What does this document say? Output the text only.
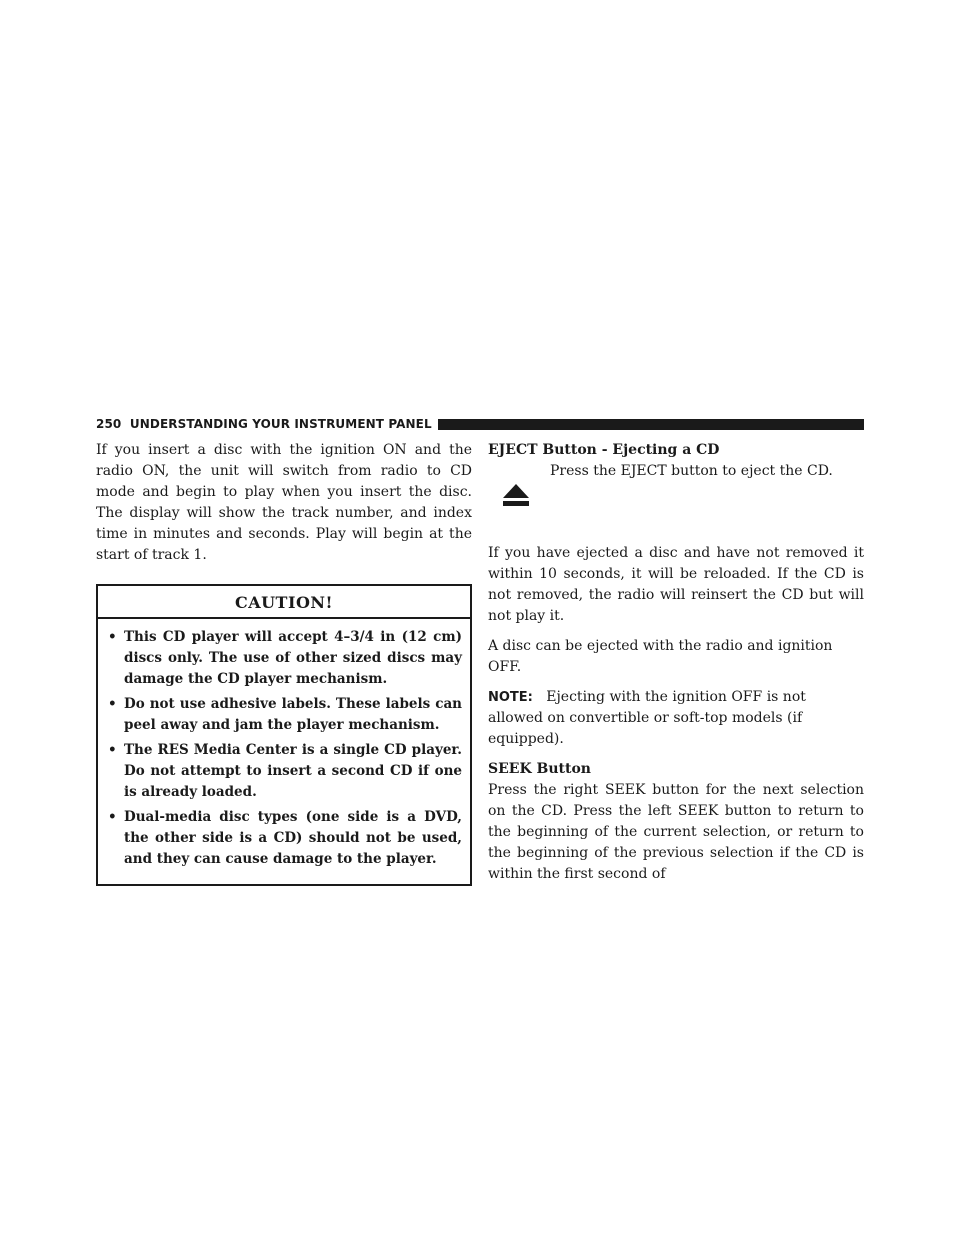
250 UNDERSTANDING YOUR INSTRUMENT PANEL

If you insert a disc with the ignition ON and the radio ON, the unit will switch from radio to CD mode and begin to play when you insert the disc. The display will show the track number, and index time in minutes and seconds. Play will begin at the start of track 1.

CAUTION!
• This CD player will accept 4–3/4 in (12 cm) discs only. The use of other sized discs may damage the CD player mechanism.
• Do not use adhesive labels. These labels can peel away and jam the player mechanism.
• The RES Media Center is a single CD player. Do not attempt to insert a second CD if one is already loaded.
• Dual-media disc types (one side is a DVD, the other side is a CD) should not be used, and they can cause damage to the player.
EJECT Button - Ejecting a CD

Press the EJECT button to eject the CD.

If you have ejected a disc and have not removed it within 10 seconds, it will be reloaded. If the CD is not removed, the radio will reinsert the CD but will not play it.

A disc can be ejected with the radio and ignition OFF.

NOTE: Ejecting with the ignition OFF is not allowed on convertible or soft-top models (if equipped).

SEEK Button

Press the right SEEK button for the next selection on the CD. Press the left SEEK button to return to the beginning of the current selection, or return to the beginning of the previous selection if the CD is within the first second of
